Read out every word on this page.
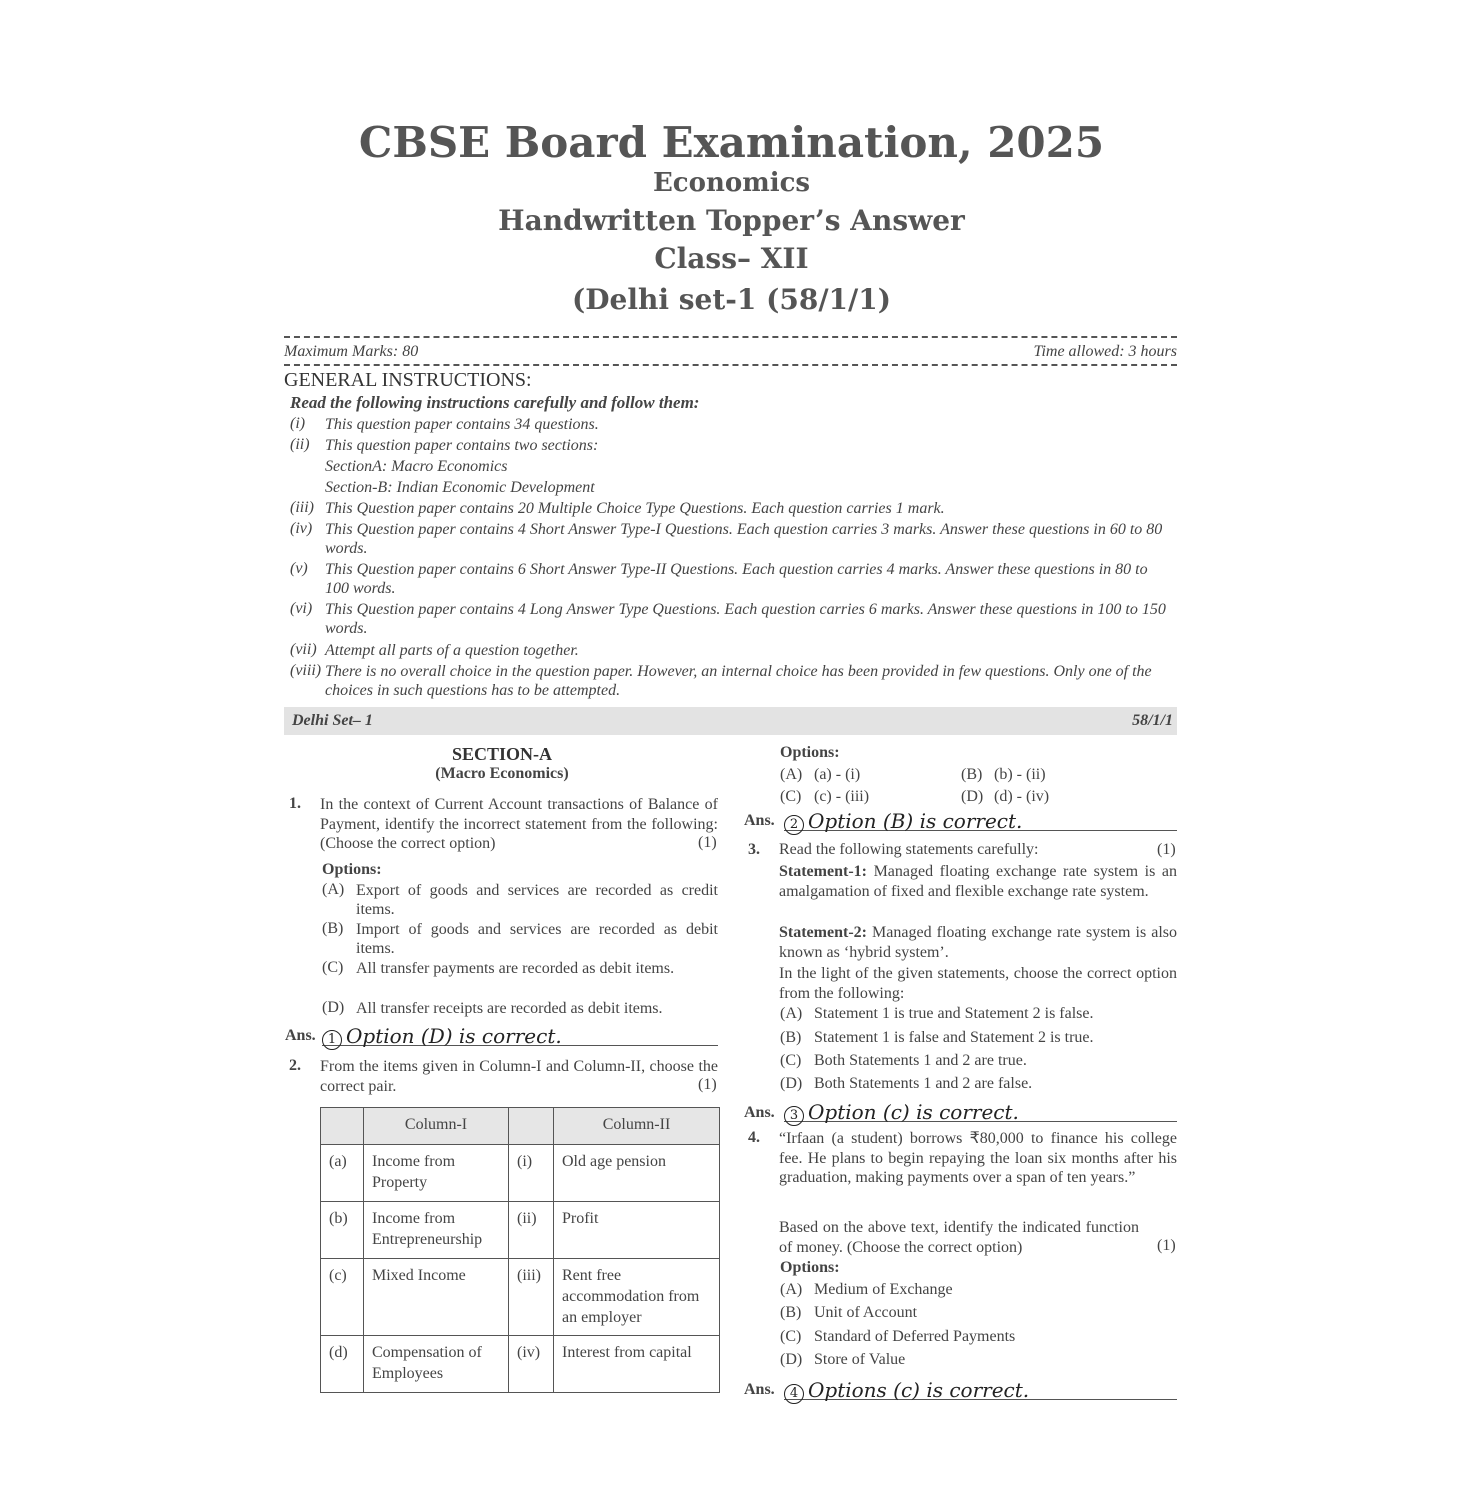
CBSE Board Examination, 2025
Economics
Handwritten Topper’s Answer
Class– XII
(Delhi set-1 (58/1/1)
Maximum Marks: 80	Time allowed: 3 hours
GENERAL INSTRUCTIONS:
Read the following instructions carefully and follow them:
(i) This question paper contains 34 questions.
(ii) This question paper contains two sections:
SectionA: Macro Economics
Section-B: Indian Economic Development
(iii) This Question paper contains 20 Multiple Choice Type Questions. Each question carries 1 mark.
(iv) This Question paper contains 4 Short Answer Type-I Questions. Each question carries 3 marks. Answer these questions in 60 to 80 words.
(v) This Question paper contains 6 Short Answer Type-II Questions. Each question carries 4 marks. Answer these questions in 80 to 100 words.
(vi) This Question paper contains 4 Long Answer Type Questions. Each question carries 6 marks. Answer these questions in 100 to 150 words.
(vii) Attempt all parts of a question together.
(viii) There is no overall choice in the question paper. However, an internal choice has been provided in few questions. Only one of the choices in such questions has to be attempted.
Delhi Set– 1	58/1/1
SECTION-A
(Macro Economics)
1. In the context of Current Account transactions of Balance of Payment, identify the incorrect statement from the following: (Choose the correct option)	(1)
Options:
(A) Export of goods and services are recorded as credit items.
(B) Import of goods and services are recorded as debit items.
(C) All transfer payments are recorded as debit items.
(D) All transfer receipts are recorded as debit items.
Ans. 1 Option (D) is correct.
2. From the items given in Column-I and Column-II, choose the correct pair.	(1)
	Column-I		Column-II
(a)	Income from Property	(i)	Old age pension
(b)	Income from Entrepreneurship	(ii)	Profit
(c)	Mixed Income	(iii)	Rent free accommodation from an employer
(d)	Compensation of Employees	(iv)	Interest from capital
Options:
(A) (a) - (i)	(B) (b) - (ii)
(C) (c) - (iii)	(D) (d) - (iv)
Ans.	2 Option (B) is correct.
3. Read the following statements carefully:	(1)
Statement-1: Managed floating exchange rate system is an amalgamation of fixed and flexible exchange rate system.
Statement-2: Managed floating exchange rate system is also known as ‘hybrid system’.
In the light of the given statements, choose the correct option from the following:
(A) Statement 1 is true and Statement 2 is false.
(B) Statement 1 is false and Statement 2 is true.
(C) Both Statements 1 and 2 are true.
(D) Both Statements 1 and 2 are false.
Ans.	3 Option (c) is correct.
4. “Irfaan (a student) borrows ₹80,000 to finance his college fee. He plans to begin repaying the loan six months after his graduation, making payments over a span of ten years.”
Based on the above text, identify the indicated function of money. (Choose the correct option)	(1)
Options:
(A) Medium of Exchange
(B) Unit of Account
(C) Standard of Deferred Payments
(D) Store of Value
Ans.	4 Options (c) is correct.
